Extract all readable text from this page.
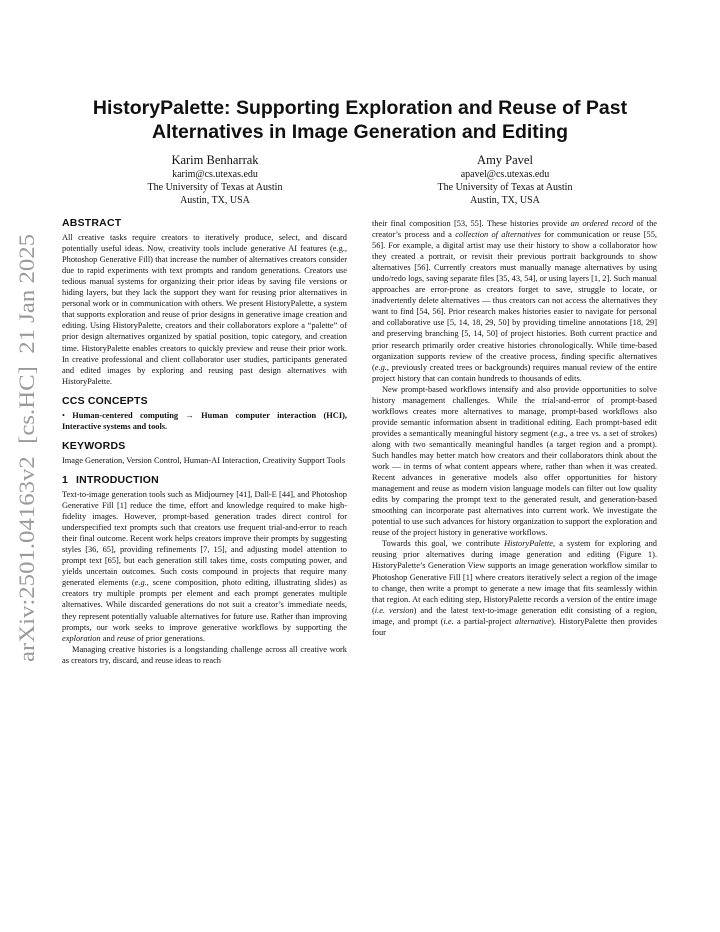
arXiv:2501.04163v2  [cs.HC]  21 Jan 2025
HistoryPalette: Supporting Exploration and Reuse of Past
Alternatives in Image Generation and Editing
Karim Benharrak
karim@cs.utexas.edu
The University of Texas at Austin
Austin, TX, USA
Amy Pavel
apavel@cs.utexas.edu
The University of Texas at Austin
Austin, TX, USA
ABSTRACT

All creative tasks require creators to iteratively produce, select, and discard potentially useful ideas. Now, creativity tools include generative AI features (e.g., Photoshop Generative Fill) that increase the number of alternatives creators consider due to rapid experiments with text prompts and random generations. Creators use tedious manual systems for organizing their prior ideas by saving file versions or hiding layers, but they lack the support they want for reusing prior alternatives in personal work or in communication with others. We present HistoryPalette, a system that supports exploration and reuse of prior designs in generative image creation and editing. Using HistoryPalette, creators and their collaborators explore a “palette” of prior design alternatives organized by spatial position, topic category, and creation time. HistoryPalette enables creators to quickly preview and reuse their prior work. In creative professional and client collaborator user studies, participants generated and edited images by exploring and reusing past design alternatives with HistoryPalette.

CCS CONCEPTS

• Human-centered computing → Human computer interaction (HCI), Interactive systems and tools.

KEYWORDS

Image Generation, Version Control, Human-AI Interaction, Creativity Support Tools

1 INTRODUCTION

Text-to-image generation tools such as Midjourney [41], Dall-E [44], and Photoshop Generative Fill [1] reduce the time, effort and knowledge required to make high-fidelity images. However, prompt-based generation trades direct control for underspecified text prompts such that creators use frequent trial-and-error to reach their final outcome. Recent work helps creators improve their prompts by suggesting styles [36, 65], providing refinements [7, 15], and adjusting model attention to prompt text [65], but each generation still takes time, costs computing power, and yields uncertain outcomes. Such costs compound in projects that require many generated elements (e.g., scene composition, photo editing, illustrating slides) as creators try multiple prompts per element and each prompt generates multiple alternatives. While discarded generations do not suit a creator’s immediate needs, they represent potentially valuable alternatives for future use. Rather than improving prompts, our work seeks to improve generative workflows by supporting the exploration and reuse of prior generations.

Managing creative histories is a longstanding challenge across all creative work as creators try, discard, and reuse ideas to reach

their final composition [53, 55]. These histories provide an ordered record of the creator’s process and a collection of alternatives for communication or reuse [55, 56]. For example, a digital artist may use their history to show a collaborator how they created a portrait, or revisit their previous portrait backgrounds to show alternatives [56]. Currently creators must manually manage alternatives by using undo/redo logs, saving separate files [35, 43, 54], or using layers [1, 2]. Such manual approaches are error-prone as creators forget to save, struggle to locate, or inadvertently delete alternatives — thus creators can not access the alternatives they want to find [54, 56]. Prior research makes histories easier to navigate for personal and collaborative use [5, 14, 18, 29, 50] by providing timeline annotations [18, 29] and preserving branching [5, 14, 50] of project histories. Both current practice and prior research primarily order creative histories chronologically. While time-based organization supports review of the creative process, finding specific alternatives (e.g., previously created trees or backgrounds) requires manual review of the entire project history that can contain hundreds to thousands of edits.

New prompt-based workflows intensify and also provide opportunities to solve history management challenges. While the trial-and-error of prompt-based workflows creates more alternatives to manage, prompt-based workflows also provide semantic information absent in traditional editing. Each prompt-based edit provides a semantically meaningful history segment (e.g., a tree vs. a set of strokes) along with two semantically meaningful handles (a target region and a prompt). Such handles may better match how creators and their collaborators think about the work — in terms of what content appears where, rather than when it was created. Recent advances in generative models also offer opportunities for history management and reuse as modern vision language models can filter out low quality edits by comparing the prompt text to the generated result, and generation-based smoothing can incorporate past alternatives into current work. We investigate the potential to use such advances for history organization to support the exploration and reuse of the project history in generative workflows.

Towards this goal, we contribute HistoryPalette, a system for exploring and reusing prior alternatives during image generation and editing (Figure 1). HistoryPalette’s Generation View supports an image generation workflow similar to Photoshop Generative Fill [1] where creators iteratively select a region of the image to change, then write a prompt to generate a new image that fits seamlessly within that region. At each editing step, HistoryPalette records a version of the entire image (i.e. version) and the latest text-to-image generation edit consisting of a region, image, and prompt (i.e. a partial-project alternative). HistoryPalette then provides four
